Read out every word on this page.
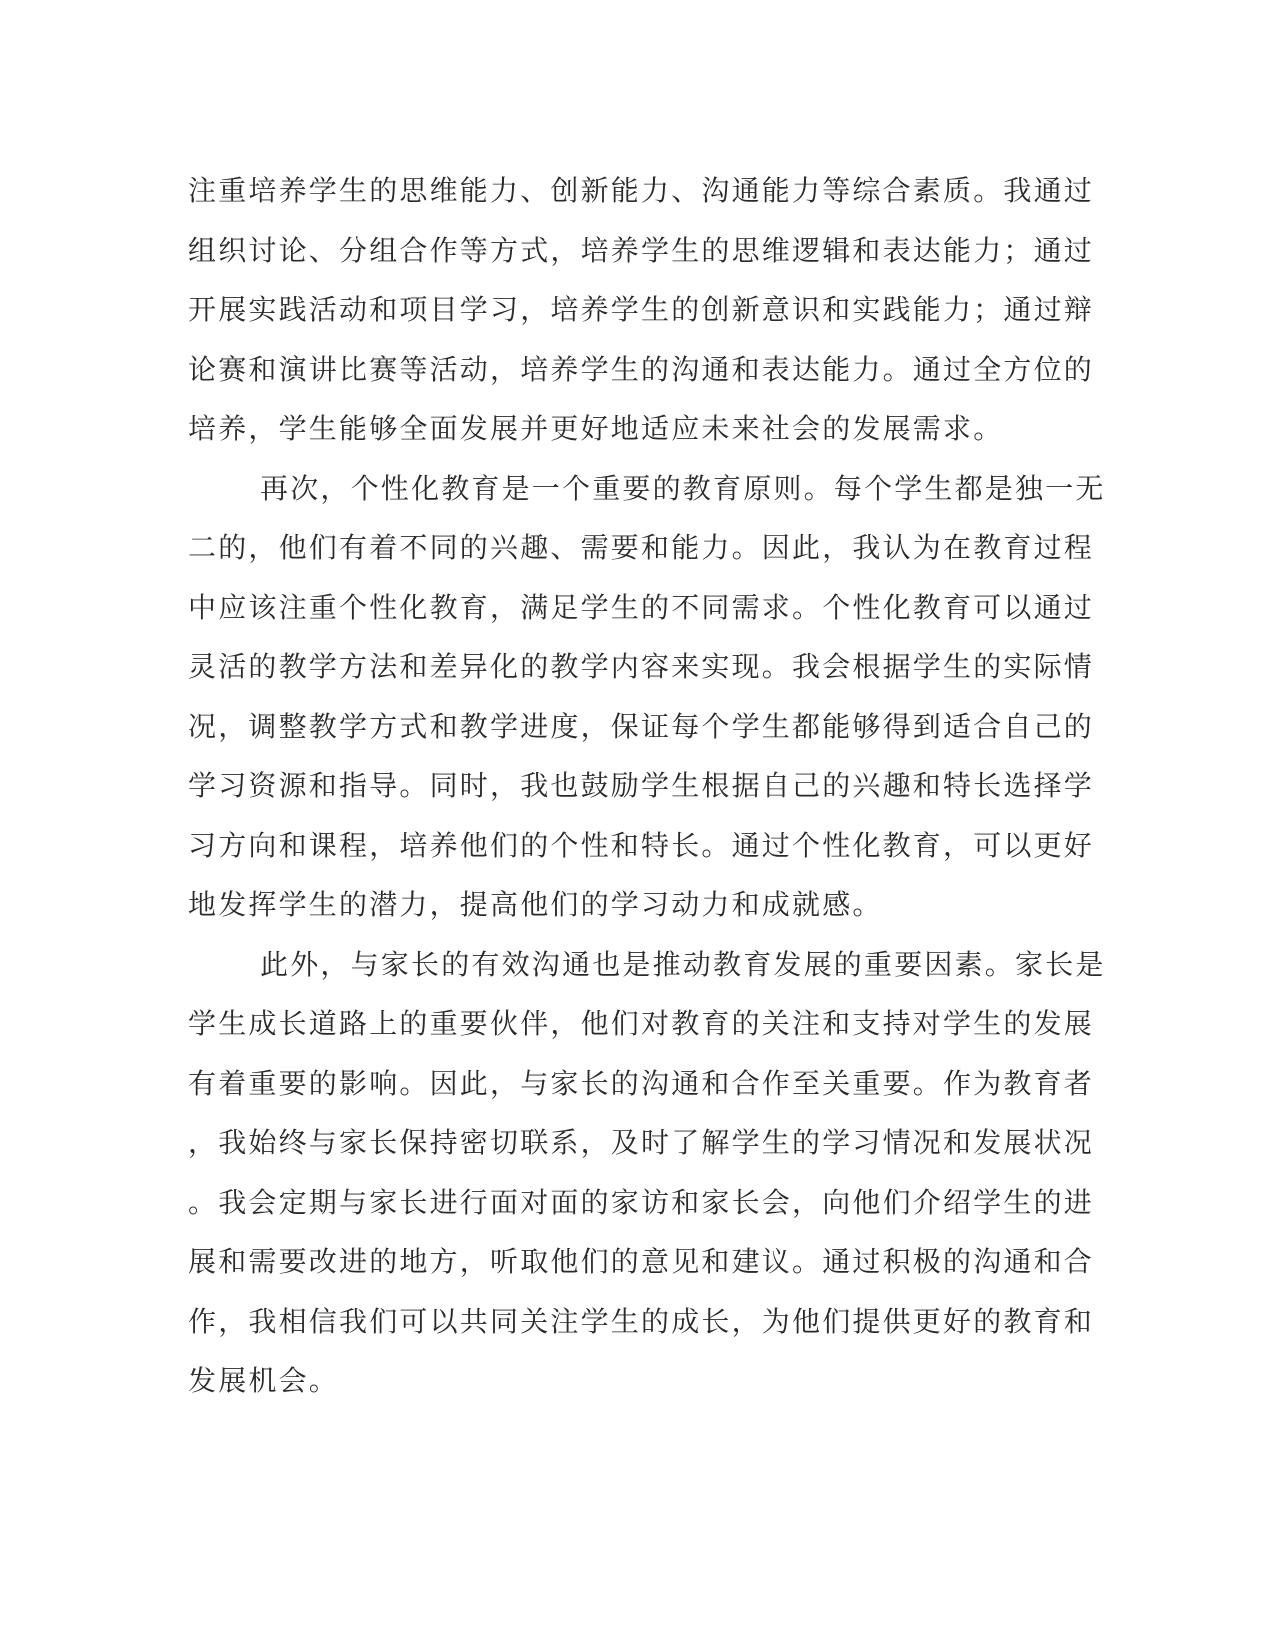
注重培养学生的思维能力、创新能力、沟通能力等综合素质。我通过
组织讨论、分组合作等方式，培养学生的思维逻辑和表达能力；通过
开展实践活动和项目学习，培养学生的创新意识和实践能力；通过辩
论赛和演讲比赛等活动，培养学生的沟通和表达能力。通过全方位的
培养，学生能够全面发展并更好地适应未来社会的发展需求。
再次，个性化教育是一个重要的教育原则。每个学生都是独一无
二的，他们有着不同的兴趣、需要和能力。因此，我认为在教育过程
中应该注重个性化教育，满足学生的不同需求。个性化教育可以通过
灵活的教学方法和差异化的教学内容来实现。我会根据学生的实际情
况，调整教学方式和教学进度，保证每个学生都能够得到适合自己的
学习资源和指导。同时，我也鼓励学生根据自己的兴趣和特长选择学
习方向和课程，培养他们的个性和特长。通过个性化教育，可以更好
地发挥学生的潜力，提高他们的学习动力和成就感。
此外，与家长的有效沟通也是推动教育发展的重要因素。家长是
学生成长道路上的重要伙伴，他们对教育的关注和支持对学生的发展
有着重要的影响。因此，与家长的沟通和合作至关重要。作为教育者
，我始终与家长保持密切联系，及时了解学生的学习情况和发展状况
。我会定期与家长进行面对面的家访和家长会，向他们介绍学生的进
展和需要改进的地方，听取他们的意见和建议。通过积极的沟通和合
作，我相信我们可以共同关注学生的成长，为他们提供更好的教育和
发展机会。
